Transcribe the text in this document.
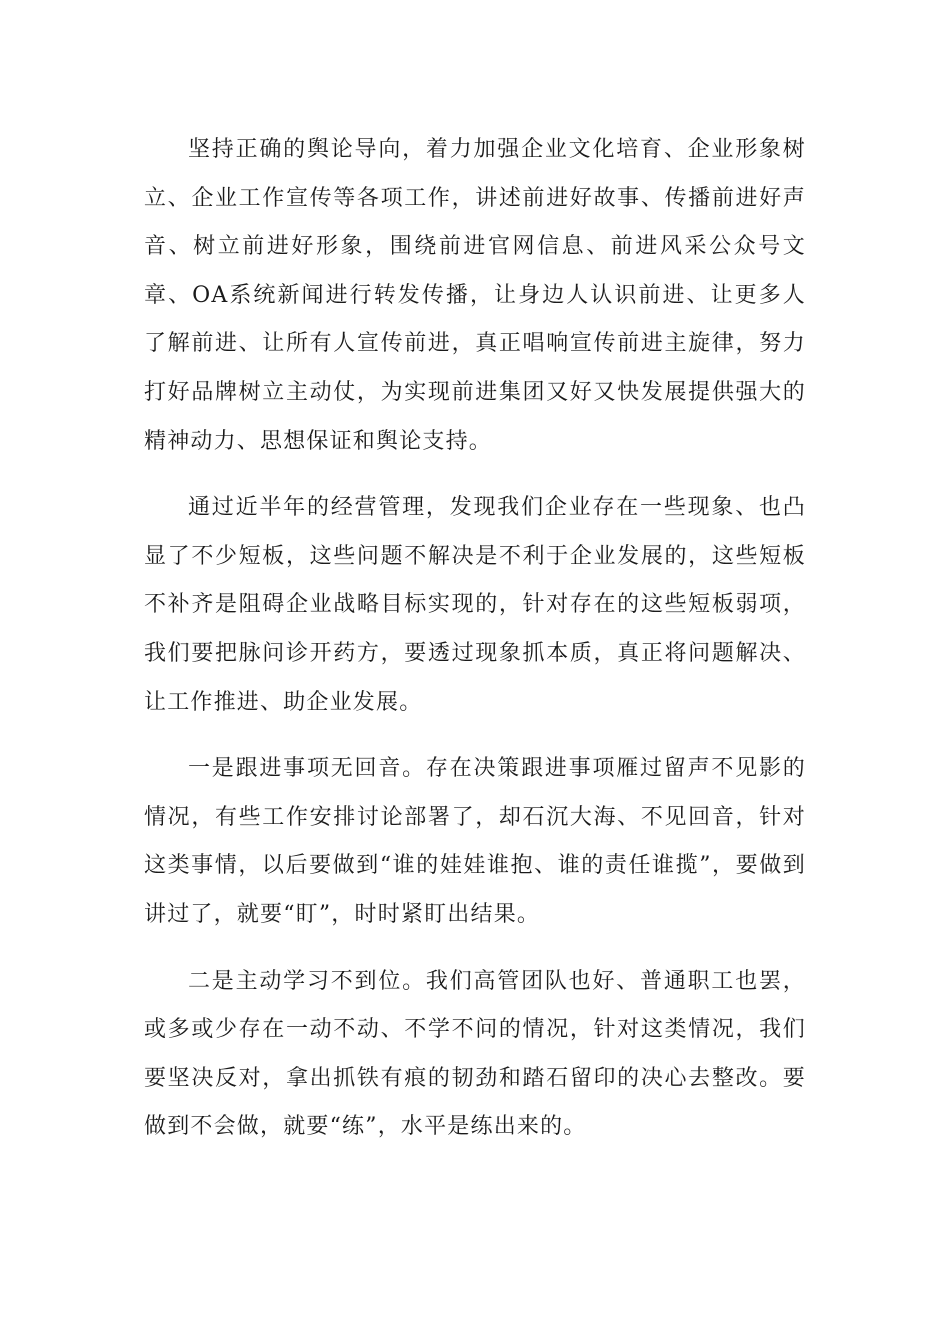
坚持正确的舆论导向，着力加强企业文化培育、企业形象树立、企业工作宣传等各项工作，讲述前进好故事、传播前进好声音、树立前进好形象，围绕前进官网信息、前进风采公众号文章、OA系统新闻进行转发传播，让身边人认识前进、让更多人了解前进、让所有人宣传前进，真正唱响宣传前进主旋律，努力打好品牌树立主动仗，为实现前进集团又好又快发展提供强大的精神动力、思想保证和舆论支持。

通过近半年的经营管理，发现我们企业存在一些现象、也凸显了不少短板，这些问题不解决是不利于企业发展的，这些短板不补齐是阻碍企业战略目标实现的，针对存在的这些短板弱项，我们要把脉问诊开药方，要透过现象抓本质，真正将问题解决、让工作推进、助企业发展。

一是跟进事项无回音。存在决策跟进事项雁过留声不见影的情况，有些工作安排讨论部署了，却石沉大海、不见回音，针对这类事情，以后要做到“谁的娃娃谁抱、谁的责任谁揽”，要做到讲过了，就要“盯”，时时紧盯出结果。

二是主动学习不到位。我们高管团队也好、普通职工也罢，或多或少存在一动不动、不学不问的情况，针对这类情况，我们要坚决反对，拿出抓铁有痕的韧劲和踏石留印的决心去整改。要做到不会做，就要“练”，水平是练出来的。
